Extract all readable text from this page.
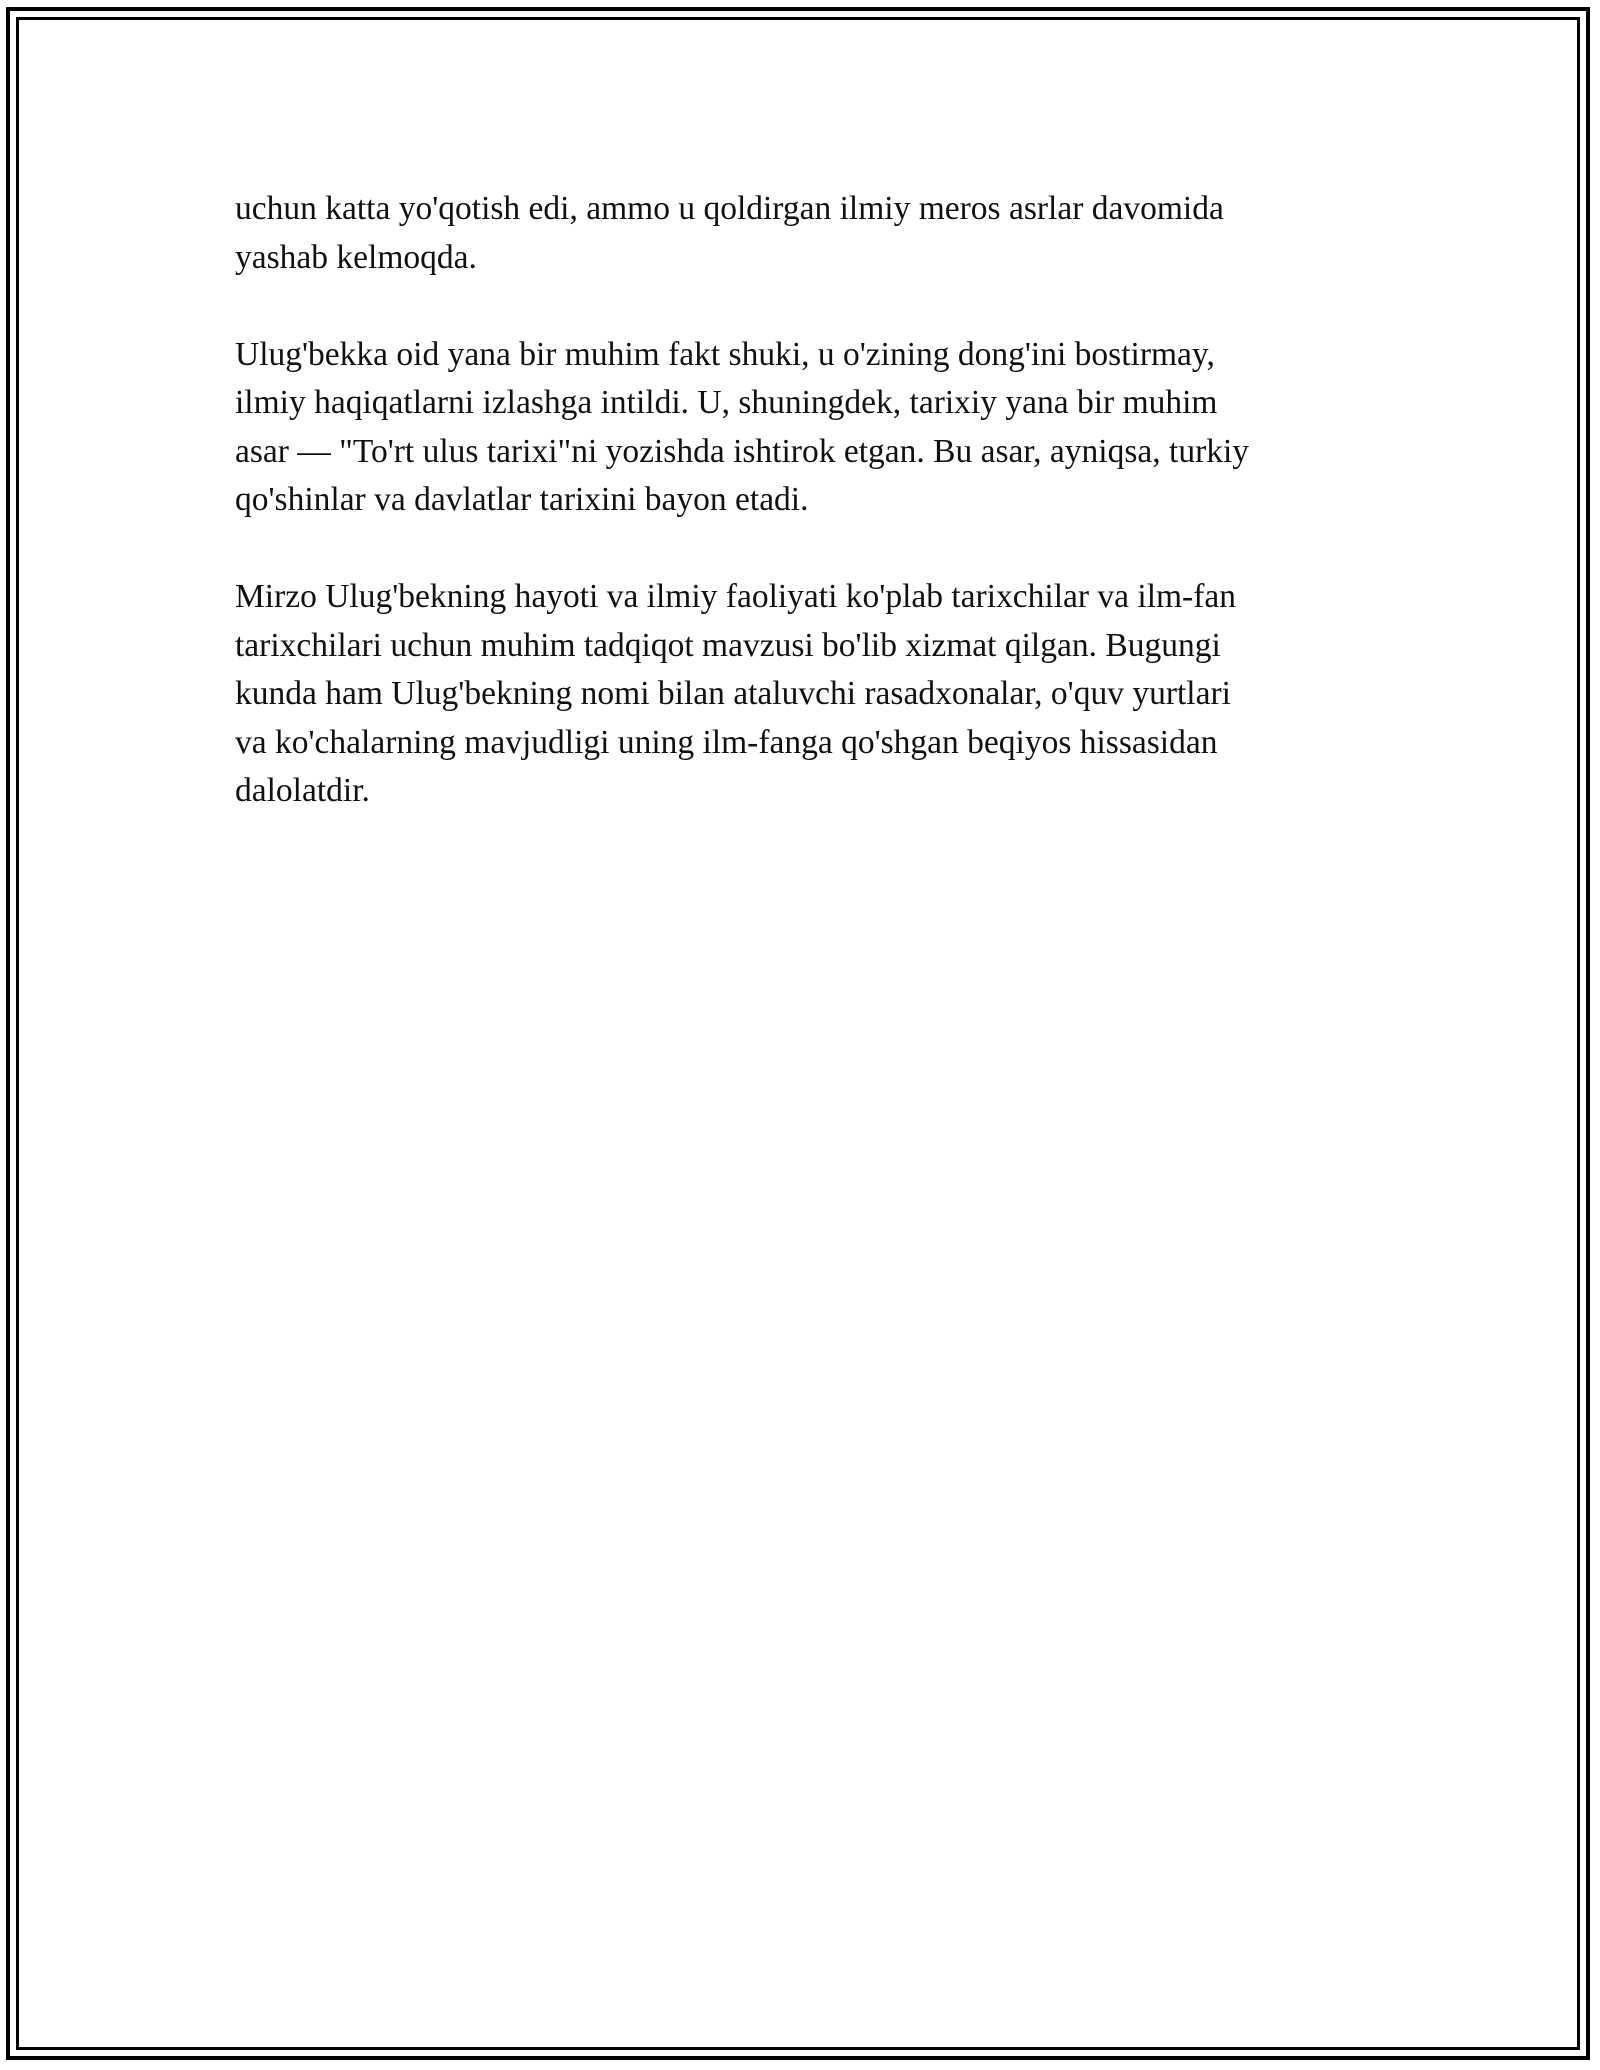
uchun katta yo'qotish edi, ammo u qoldirgan ilmiy meros asrlar davomida
yashab kelmoqda.

Ulug'bekka oid yana bir muhim fakt shuki, u o'zining dong'ini bostirmay,
ilmiy haqiqatlarni izlashga intildi. U, shuningdek, tarixiy yana bir muhim
asar — "To'rt ulus tarixi"ni yozishda ishtirok etgan. Bu asar, ayniqsa, turkiy
qo'shinlar va davlatlar tarixini bayon etadi.

Mirzo Ulug'bekning hayoti va ilmiy faoliyati ko'plab tarixchilar va ilm-fan
tarixchilari uchun muhim tadqiqot mavzusi bo'lib xizmat qilgan. Bugungi
kunda ham Ulug'bekning nomi bilan ataluvchi rasadxonalar, o'quv yurtlari
va ko'chalarning mavjudligi uning ilm-fanga qo'shgan beqiyos hissasidan
dalolatdir.
